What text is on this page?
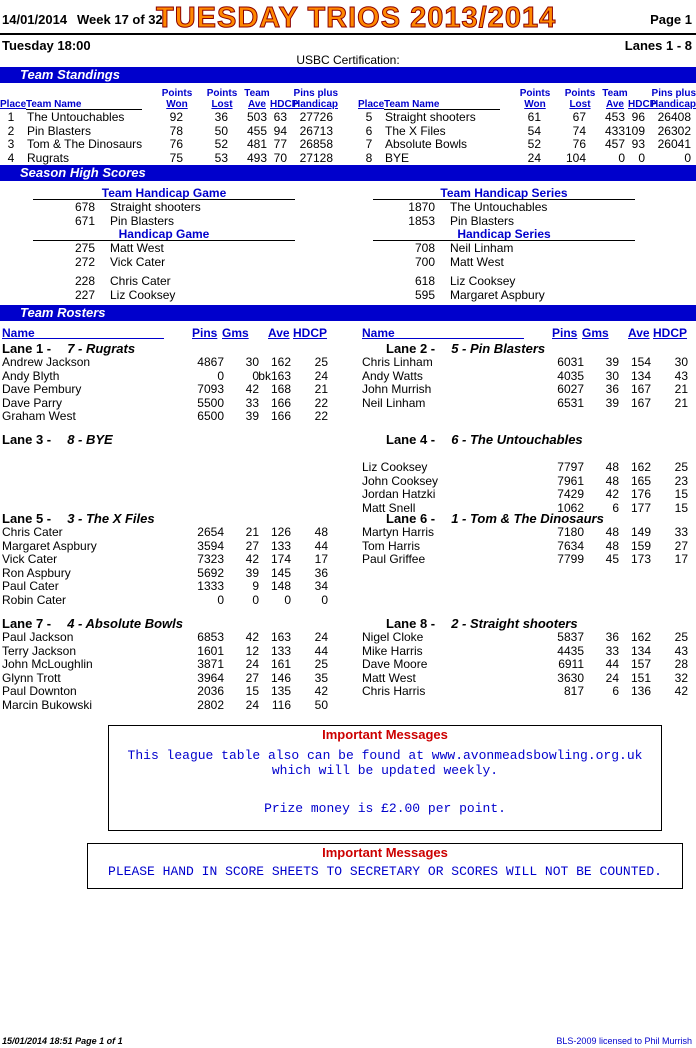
14/01/2014 Week 17 of 32
TUESDAY TRIOS 2013/2014	Page 1
Tuesday 18:00	Lanes 1 - 8
USBC Certification:
Team Standings
Points
Won
Points
Lost
Team
Ave HDCP
Pins plus
Handicap
Place Team Name
1	The Untouchables	92	36	503 63	27726
2	Pin Blasters	78	50	455 94	26713
3	Tom & The Dinosaurs	76	52	481 77	26858
4	Rugrats	75	53	493 70	27128
Points
Won
Points
Lost
Team
Ave HDCP
Pins plus
Handicap
Place Team Name
5	Straight shooters	61	67	453 96	26408
6	The X Files	54	74	433 109	26302
7	Absolute Bowls	52	76	457 93	26041
8	BYE	24	104	0	0	0
Season High Scores
Team Handicap Game
678 Straight shooters
671 Pin Blasters
Team Handicap Series
1870 The Untouchables
1853 Pin Blasters
Handicap Game
275 Matt West
272 Vick Cater
228 Chris Cater
227 Liz Cooksey
Handicap Series
708 Neil Linham
700 Matt West
618 Liz Cooksey
595 Margaret Aspbury
Team Rosters
Name	Pins Gms Ave HDCP	Name	Pins Gms Ave HDCP
Lane 1 - 7 - Rugrats
Andrew Jackson	4867	30 162	25
Andy Blyth	0	0 bk163	24
Dave Pembury	7093	42 168	21
Dave Parry	5500	33 166	22
Graham West	6500	39 166	22
Lane 2 - 5 - Pin Blasters
Chris Linham	6031	39 154	30
Andy Watts	4035	30 134	43
John Murrish	6027	36 167	21
Neil Linham	6531	39 167	21
Lane 3 - 8 - BYE	Lane 4 - 6 - The Untouchables
Liz Cooksey	7797	48 162	25
John Cooksey	7961	48 165	23
Jordan Hatzki	7429	42 176	15
Matt Snell	1062	6 177	15
Lane 5 - 3 - The X Files
Chris Cater	2654	21 126	48
Margaret Aspbury	3594	27 133	44
Vick Cater	7323	42 174	17
Ron Aspbury	5692	39 145	36
Paul Cater	1333	9 148	34
Robin Cater	0	0	0	0
Lane 6 - 1 - Tom & The Dinosaurs
Martyn Harris	7180	48 149	33
Tom Harris	7634	48 159	27
Paul Griffee	7799	45 173	17
Lane 7 - 4 - Absolute Bowls
Paul Jackson	6853	42 163	24
Terry Jackson	1601	12 133	44
John McLoughlin	3871	24 161	25
Glynn Trott	3964	27 146	35
Paul Downton	2036	15 135	42
Marcin Bukowski	2802	24	116	50
Lane 8 - 2 - Straight shooters
Nigel Cloke	5837	36 162	25
Mike Harris	4435	33 134	43
Dave Moore	6911	44 157	28
Matt West	3630	24 151	32
Chris Harris	817	6 136	42
Important Messages
This league table also can be found at www.avonmeadsbowling.org.uk
which will be updated weekly.
Prize money is £2.00 per point.
Important Messages
PLEASE HAND IN SCORE SHEETS TO SECRETARY OR SCORES WILL NOT BE COUNTED.
15/01/2014 18:51 Page 1 of 1	BLS-2009 licensed to Phil Murrish
